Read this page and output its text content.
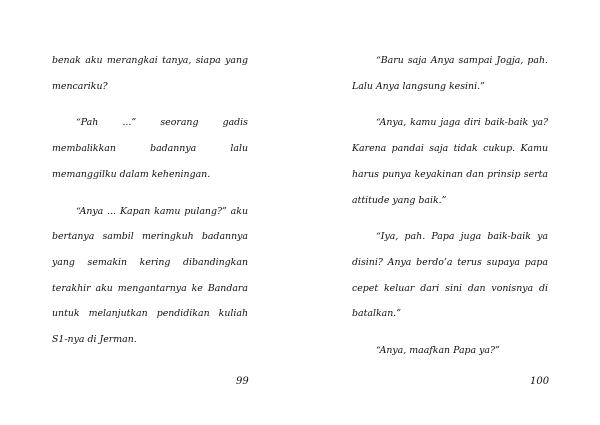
benak aku merangkai tanya, siapa yang mencariku?

“Pah ...” seorang gadis membalikkan badannya lalu memanggilku dalam keheningan.

“Anya ... Kapan kamu pulang?” aku bertanya sambil meringkuh badannya yang semakin kering dibandingkan terakhir aku mengantarnya ke Bandara untuk melanjutkan pendidikan kuliah S1-nya di Jerman.

99

“Baru saja Anya sampai Jogja, pah. Lalu Anya langsung kesini.”

“Anya, kamu jaga diri baik-baik ya? Karena pandai saja tidak cukup. Kamu harus punya keyakinan dan prinsip serta attitude yang baik.”

“Iya, pah. Papa juga baik-baik ya disini? Anya berdo’a terus supaya papa cepet keluar dari sini dan vonisnya di batalkan.”

“Anya, maafkan Papa ya?”

100
